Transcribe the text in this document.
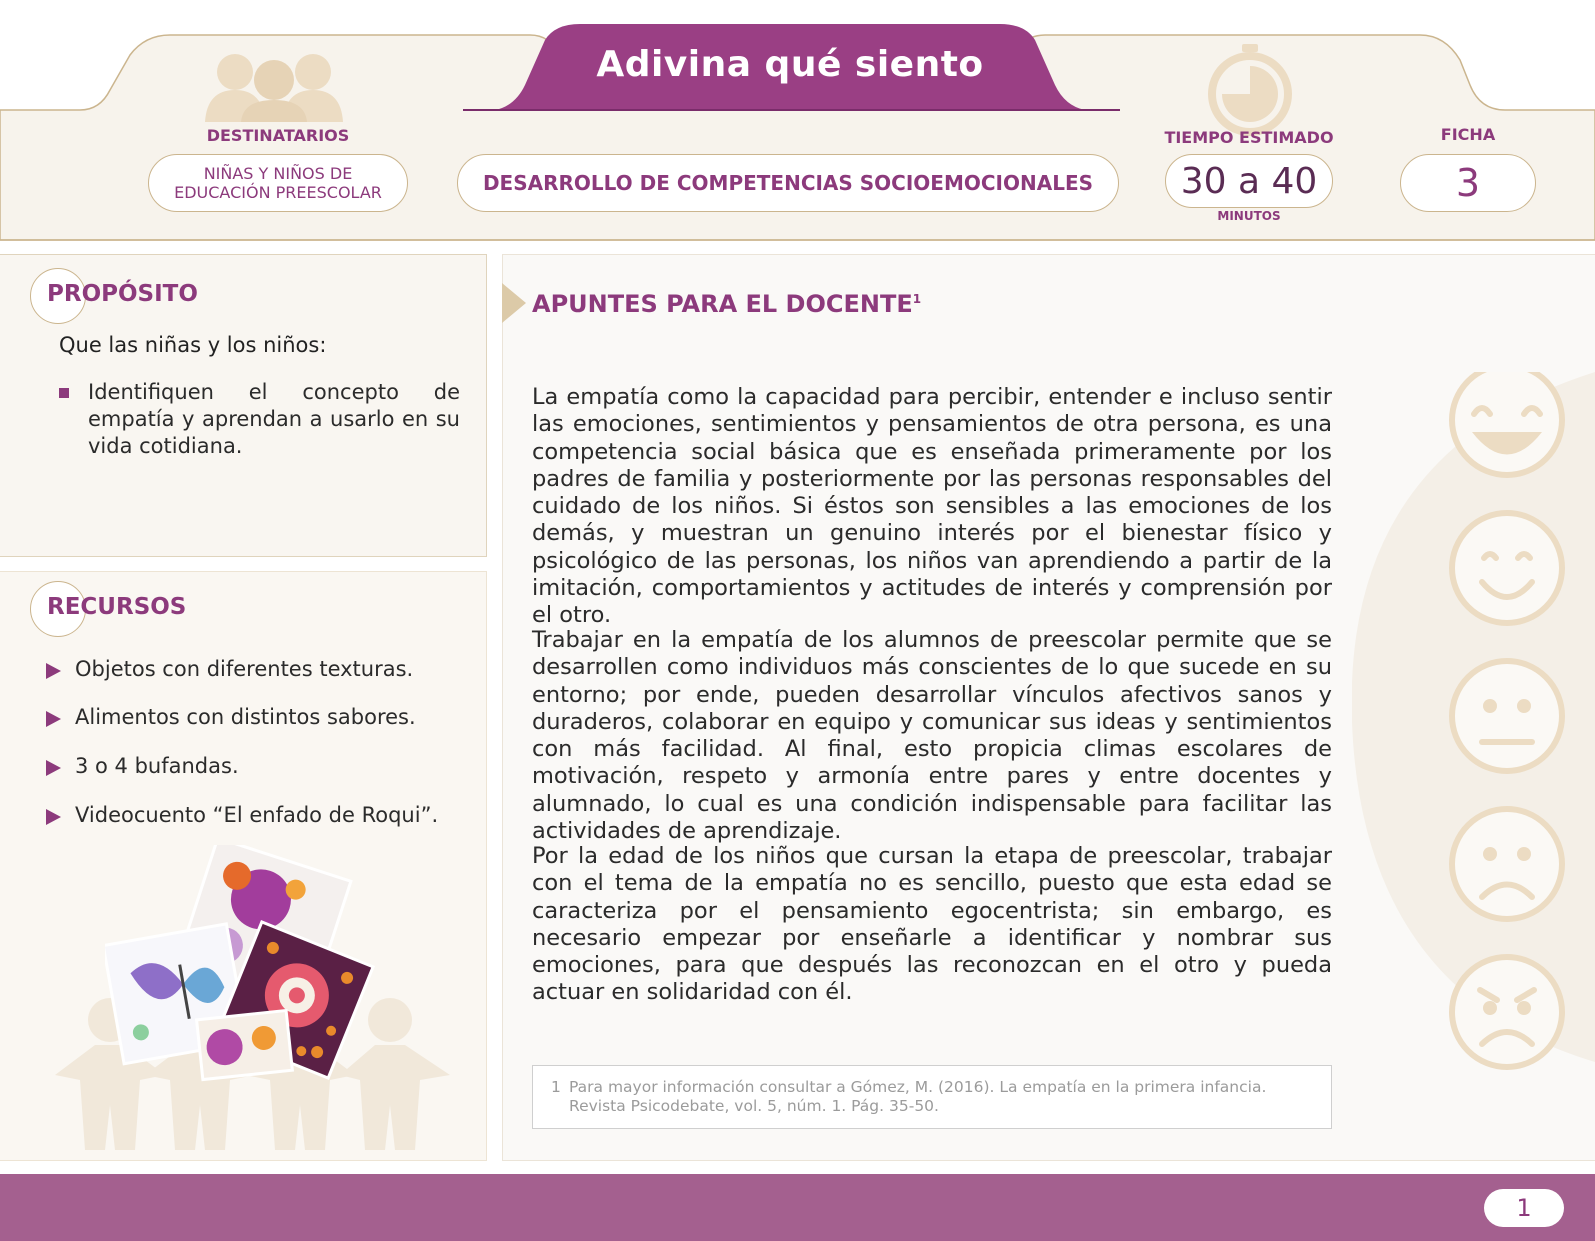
Adivina qué siento
DESTINATARIOS
NIÑAS Y NIÑOS DE EDUCACIÓN PREESCOLAR	DESARROLLO DE COMPETENCIAS SOCIOEMOCIONALES
TIEMPO ESTIMADO
30 a 40
MINUTOS
FICHA
3
PROPÓSITO
Que las niñas y los niños:
Identifiquen el concepto de empatía y aprendan a usarlo en su vida cotidiana.
RECURSOS
Objetos con diferentes texturas.
Alimentos con distintos sabores.
3 o 4 bufandas.
Videocuento “El enfado de Roqui”.
APUNTES PARA EL DOCENTE$^1$
La empatía como la capacidad para percibir, entender e incluso sentir las emociones, sentimientos y pensamientos de otra persona, es una competencia social básica que es enseñada primeramente por los padres de familia y posteriormente por las personas responsables del cuidado de los niños. Si éstos son sensibles a las emociones de los demás, y muestran un genuino interés por el bienestar físico y psicológico de las personas, los niños van aprendiendo a partir de la imitación, comportamientos y actitudes de interés y comprensión por el otro.
Trabajar en la empatía de los alumnos de preescolar permite que se desarrollen como individuos más conscientes de lo que sucede en su entorno; por ende, pueden desarrollar vínculos afectivos sanos y duraderos, colaborar en equipo y comunicar sus ideas y sentimientos con más facilidad. Al final, esto propicia climas escolares de motivación, respeto y armonía entre pares y entre docentes y alumnado, lo cual es una condición indispensable para facilitar las actividades de aprendizaje.
Por la edad de los niños que cursan la etapa de preescolar, trabajar con el tema de la empatía no es sencillo, puesto que esta edad se caracteriza por el pensamiento egocentrista; sin embargo, es necesario empezar por enseñarle a identificar y nombrar sus emociones, para que después las reconozcan en el otro y pueda actuar en solidaridad con él.
1 Para mayor información consultar a Gómez, M. (2016). La empatía en la primera infancia. Revista Psicodebate, vol. 5, núm. 1. Pág. 35-50.
1
